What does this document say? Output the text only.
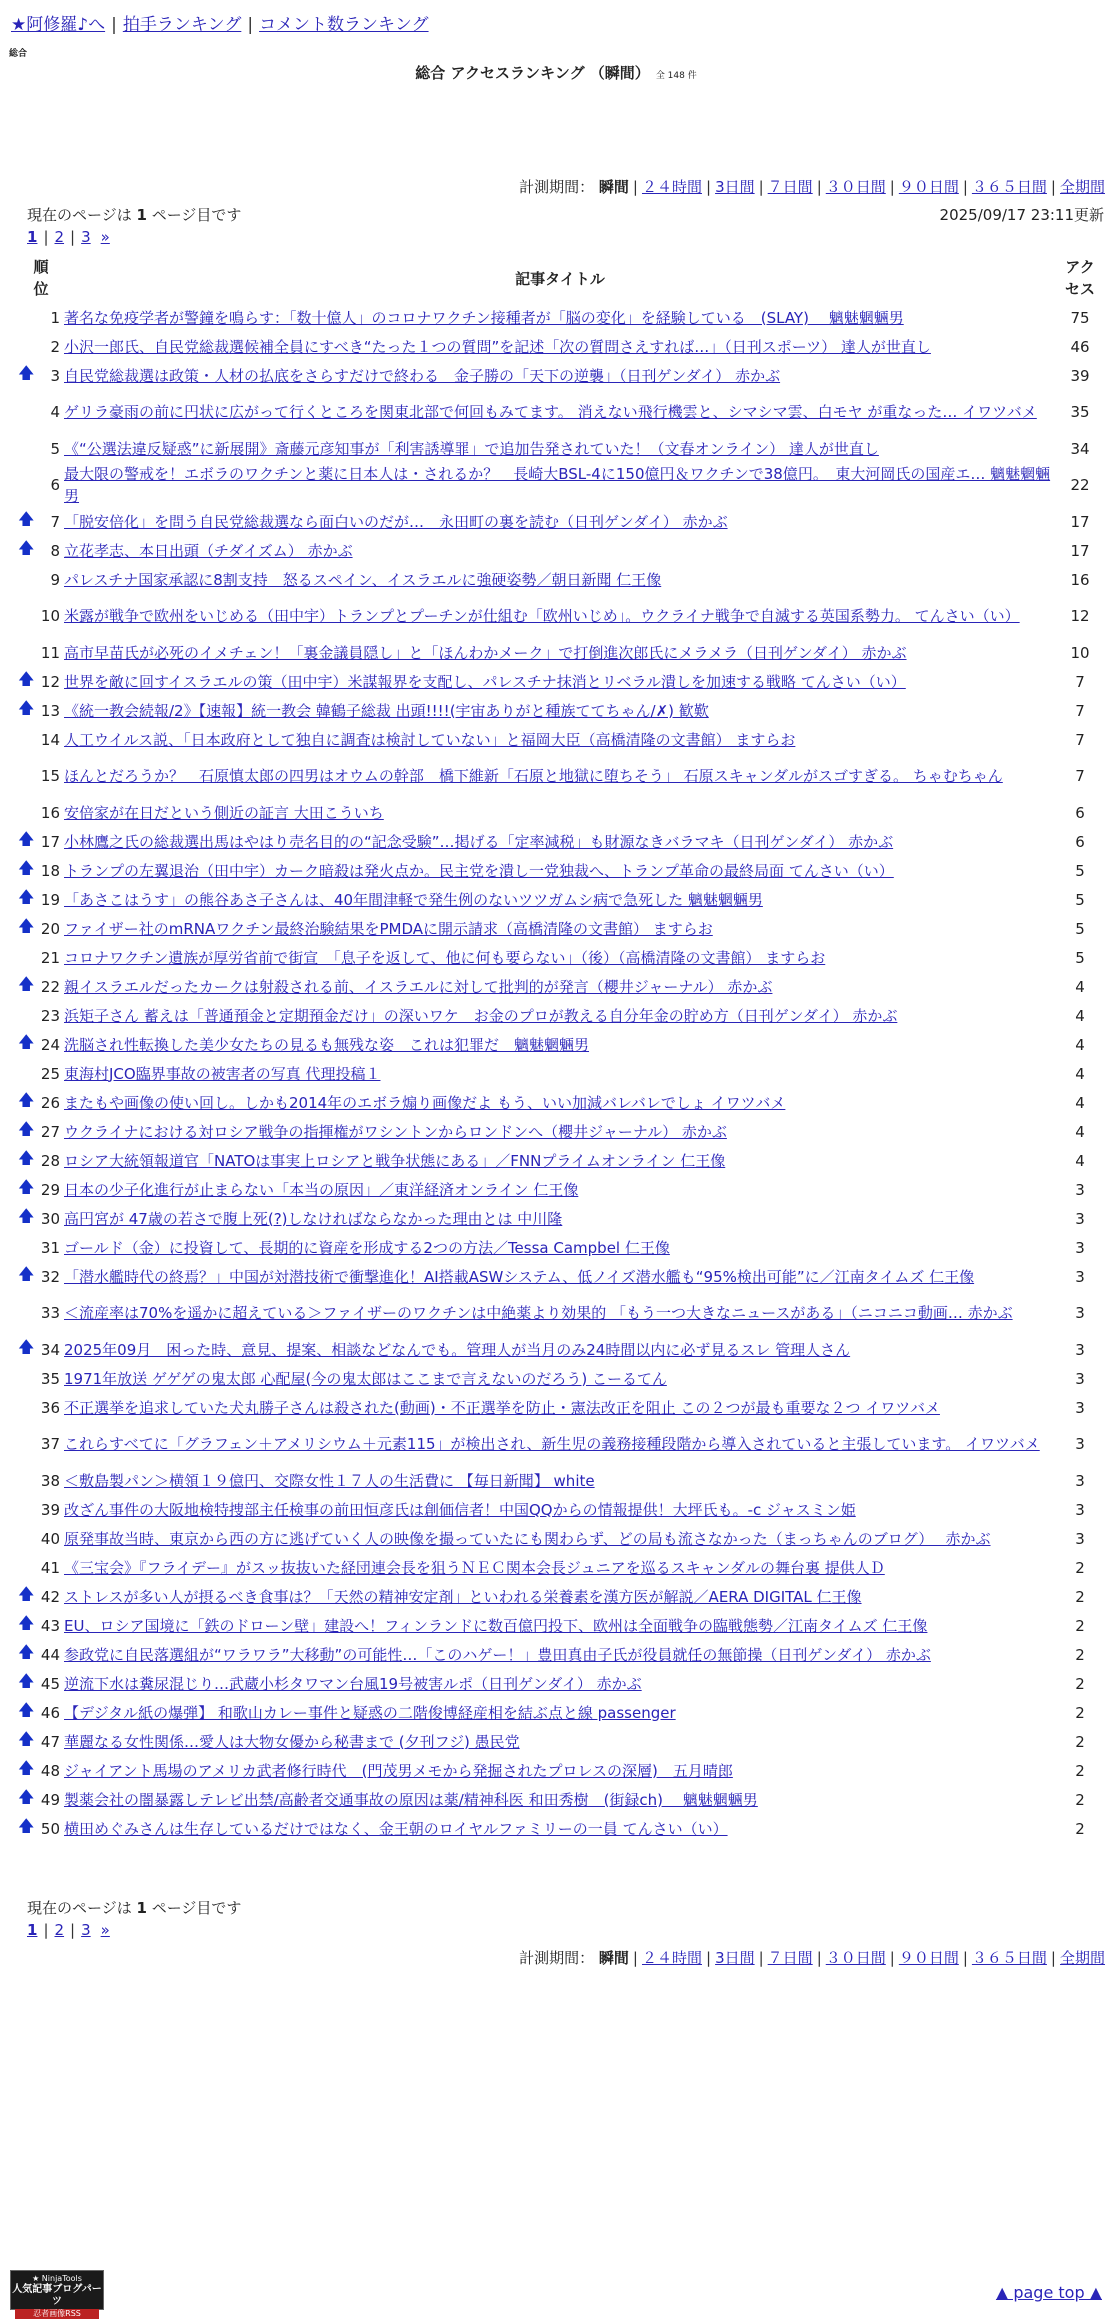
★阿修羅♪へ | 拍手ランキング | コメント数ランキング
総合
総合 アクセスランキング （瞬間） 全 148 件
計測期間： 瞬間 | ２４時間 | 3日間 | ７日間 | ３０日間 | ９０日間 | ３６５日間 | 全期間
現在のページは 1 ページ目です	2025/09/17 23:11更新
1 | 2 | 3 »
順位		記事タイトル	アクセス
	1	著名な免疫学者が警鐘を鳴らす：「数十億人」のコロナワクチン接種者が「脳の変化」を経験している　(SLAY)　 魑魅魍魎男	75
	2	小沢一郎氏、自民党総裁選候補全員にすべき“たった１つの質問”を記述「次の質問さえすれば…」（日刊スポーツ） 達人が世直し	46
🡅	3	自民党総裁選は政策・人材の払底をさらすだけで終わる　金子勝の「天下の逆襲」（日刊ゲンダイ） 赤かぶ	39
	4	ゲリラ豪雨の前に円状に広がって行くところを関東北部で何回もみてます。 消えない飛行機雲と、シマシマ雲、白モヤ が重なった… イワツバメ	35
	5	《“公選法違反疑惑”に新展開》斎藤元彦知事が「利害誘導罪」で追加告発されていた！（文春オンライン） 達人が世直し	34
	6	最大限の警戒を！エボラのワクチンと薬に日本人は・されるか？　長崎大BSL-4に150億円＆ワクチンで38億円。　東大河岡氏の国産エ… 魑魅魍魎男	22
🡅	7	「脱安倍化」を問う自民党総裁選なら面白いのだが…　永田町の裏を読む（日刊ゲンダイ） 赤かぶ	17
🡅	8	立花孝志、本日出頭（チダイズム） 赤かぶ	17
	9	パレスチナ国家承認に8割支持　怒るスペイン、イスラエルに強硬姿勢／朝日新聞 仁王像	16
	10	米露が戦争で欧州をいじめる（田中宇）トランプとプーチンが仕組む「欧州いじめ」。ウクライナ戦争で自滅する英国系勢力。 てんさい（い）	12
	11	高市早苗氏が必死のイメチェン！「裏金議員隠し」と「ほんわかメーク」で打倒進次郎氏にメラメラ（日刊ゲンダイ） 赤かぶ	10
🡅	12	世界を敵に回すイスラエルの策（田中宇）米謀報界を支配し、パレスチナ抹消とリベラル潰しを加速する戦略 てんさい（い）	7
🡅	13	《統一教会続報/2》【速報】統一教会 韓鶴子総裁 出頭!!!!(宇宙ありがと種族ててちゃん/✗) 歓歎	7
	14	人工ウイルス説、「日本政府として独自に調査は検討していない」と福岡大臣（高橋清隆の文書館） ますらお	7
	15	ほんとだろうか？　石原慎太郎の四男はオウムの幹部　橋下維新「石原と地獄に堕ちそう」 石原スキャンダルがスゴすぎる。 ちゃむちゃん	7
	16	安倍家が在日だという側近の証言 大田こういち	6
🡅	17	小林鷹之氏の総裁選出馬はやはり売名目的の“記念受験”…掲げる「定率減税」も財源なきバラマキ（日刊ゲンダイ） 赤かぶ	6
🡅	18	トランプの左翼退治（田中宇）カーク暗殺は発火点か。民主党を潰し一党独裁へ、トランプ革命の最終局面 てんさい（い）	5
🡅	19	「あさこはうす」の熊谷あさ子さんは、40年間津軽で発生例のないツツガムシ病で急死した 魑魅魍魎男	5
🡅	20	ファイザー社のmRNAワクチン最終治験結果をPMDAに開示請求（高橋清隆の文書館） ますらお	5
	21	コロナワクチン遺族が厚労省前で街宣　「息子を返して、他に何も要らない」（後）（高橋清隆の文書館） ますらお	5
🡅	22	親イスラエルだったカークは射殺される前、イスラエルに対して批判的が発言（櫻井ジャーナル） 赤かぶ	4
	23	浜矩子さん 蓄えは「普通預金と定期預金だけ」の深いワケ　お金のプロが教える自分年金の貯め方（日刊ゲンダイ） 赤かぶ	4
🡅	24	洗脳され性転換した美少女たちの見るも無残な姿　これは犯罪だ　魑魅魍魎男	4
	25	東海村JCO臨界事故の被害者の写真 代理投稿１	4
🡅	26	またもや画像の使い回し。しかも2014年のエボラ煽り画像だよ もう、いい加減バレバレでしょ イワツバメ	4
🡅	27	ウクライナにおける対ロシア戦争の指揮権がワシントンからロンドンへ（櫻井ジャーナル） 赤かぶ	4
🡅	28	ロシア大統領報道官「NATOは事実上ロシアと戦争状態にある」／FNNプライムオンライン 仁王像	4
🡅	29	日本の少子化進行が止まらない「本当の原因」／東洋経済オンライン 仁王像	3
🡅	30	高円宮が 47歳の若さで腹上死(?)しなければならなかった理由とは 中川隆	3
	31	ゴールド（金）に投資して、長期的に資産を形成する2つの方法／Tessa Campbel 仁王像	3
🡅	32	「潜水艦時代の終焉？」中国が対潜技術で衝撃進化！AI搭載ASWシステム、低ノイズ潜水艦も“95%検出可能”に／江南タイムズ 仁王像	3
	33	＜流産率は70%を遥かに超えている＞ファイザーのワクチンは中絶薬より効果的 「もう一つ大きなニュースがある」（ニコニコ動画… 赤かぶ	3
🡅	34	2025年09月　困った時、意見、提案、相談などなんでも。管理人が当月のみ24時間以内に必ず見るスレ 管理人さん	3
	35	1971年放送 ゲゲゲの鬼太郎 心配屋(今の鬼太郎はここまで言えないのだろう) こーるてん	3
	36	不正選挙を追求していた犬丸勝子さんは殺された(動画)・不正選挙を防止・憲法改正を阻止 この２つが最も重要な２つ イワツバメ	3
	37	これらすべてに「グラフェン＋アメリシウム＋元素115」が検出され、新生児の義務接種段階から導入されていると主張しています。 イワツバメ	3
	38	＜敷島製パン＞横領１９億円、交際女性１７人の生活費に 【毎日新聞】 white	3
	39	改ざん事件の大阪地検特捜部主任検事の前田恒彦氏は創価信者！中国QQからの情報提供！大坪氏も。-c ジャスミン姫	3
	40	原発事故当時、東京から西の方に逃げていく人の映像を撮っていたにも関わらず、どの局も流さなかった（まっちゃんのブログ）　 赤かぶ	3
	41	《三宝会》『フライデー』がスッ抜抜いた経団連会長を狙うＮＥＣ関本会長ジュニアを巡るスキャンダルの舞台裏 提供人Ｄ	2
🡅	42	ストレスが多い人が摂るべき食事は？「天然の精神安定剤」といわれる栄養素を漢方医が解説／AERA DIGITAL 仁王像	2
🡅	43	EU、ロシア国境に「鉄のドローン壁」建設へ！フィンランドに数百億円投下、欧州は全面戦争の臨戦態勢／江南タイムズ 仁王像	2
🡅	44	参政党に自民落選組が“ワラワラ”大移動”の可能性…「このハゲー！」豊田真由子氏が役員就任の無節操（日刊ゲンダイ） 赤かぶ	2
🡅	45	逆流下水は糞尿混じり…武蔵小杉タワマン台風19号被害ルポ（日刊ゲンダイ） 赤かぶ	2
🡅	46	【デジタル紙の爆弾】 和歌山カレー事件と疑惑の二階俊博経産相を結ぶ点と線 passenger	2
🡅	47	華麗なる女性関係…愛人は大物女優から秘書まで (夕刊フジ) 愚民党	2
🡅	48	ジャイアント馬場のアメリカ武者修行時代　(門茂男メモから発掘されたプロレスの深層)　五月晴郎	2
🡅	49	製薬会社の闇暴露しテレビ出禁/高齢者交通事故の原因は薬/精神科医 和田秀樹　(街録ch)　 魑魅魍魎男	2
🡅	50	横田めぐみさんは生存しているだけではなく、金王朝のロイヤルファミリーの一員 てんさい（い）	2
現在のページは 1 ページ目です
1 | 2 | 3 »
計測期間： 瞬間 | ２４時間 | 3日間 | ７日間 | ３０日間 | ９０日間 | ３６５日間 | 全期間
★ NinjaTools
人気記事ブログパーツ
忍者画像RSS
▲ page top ▲
